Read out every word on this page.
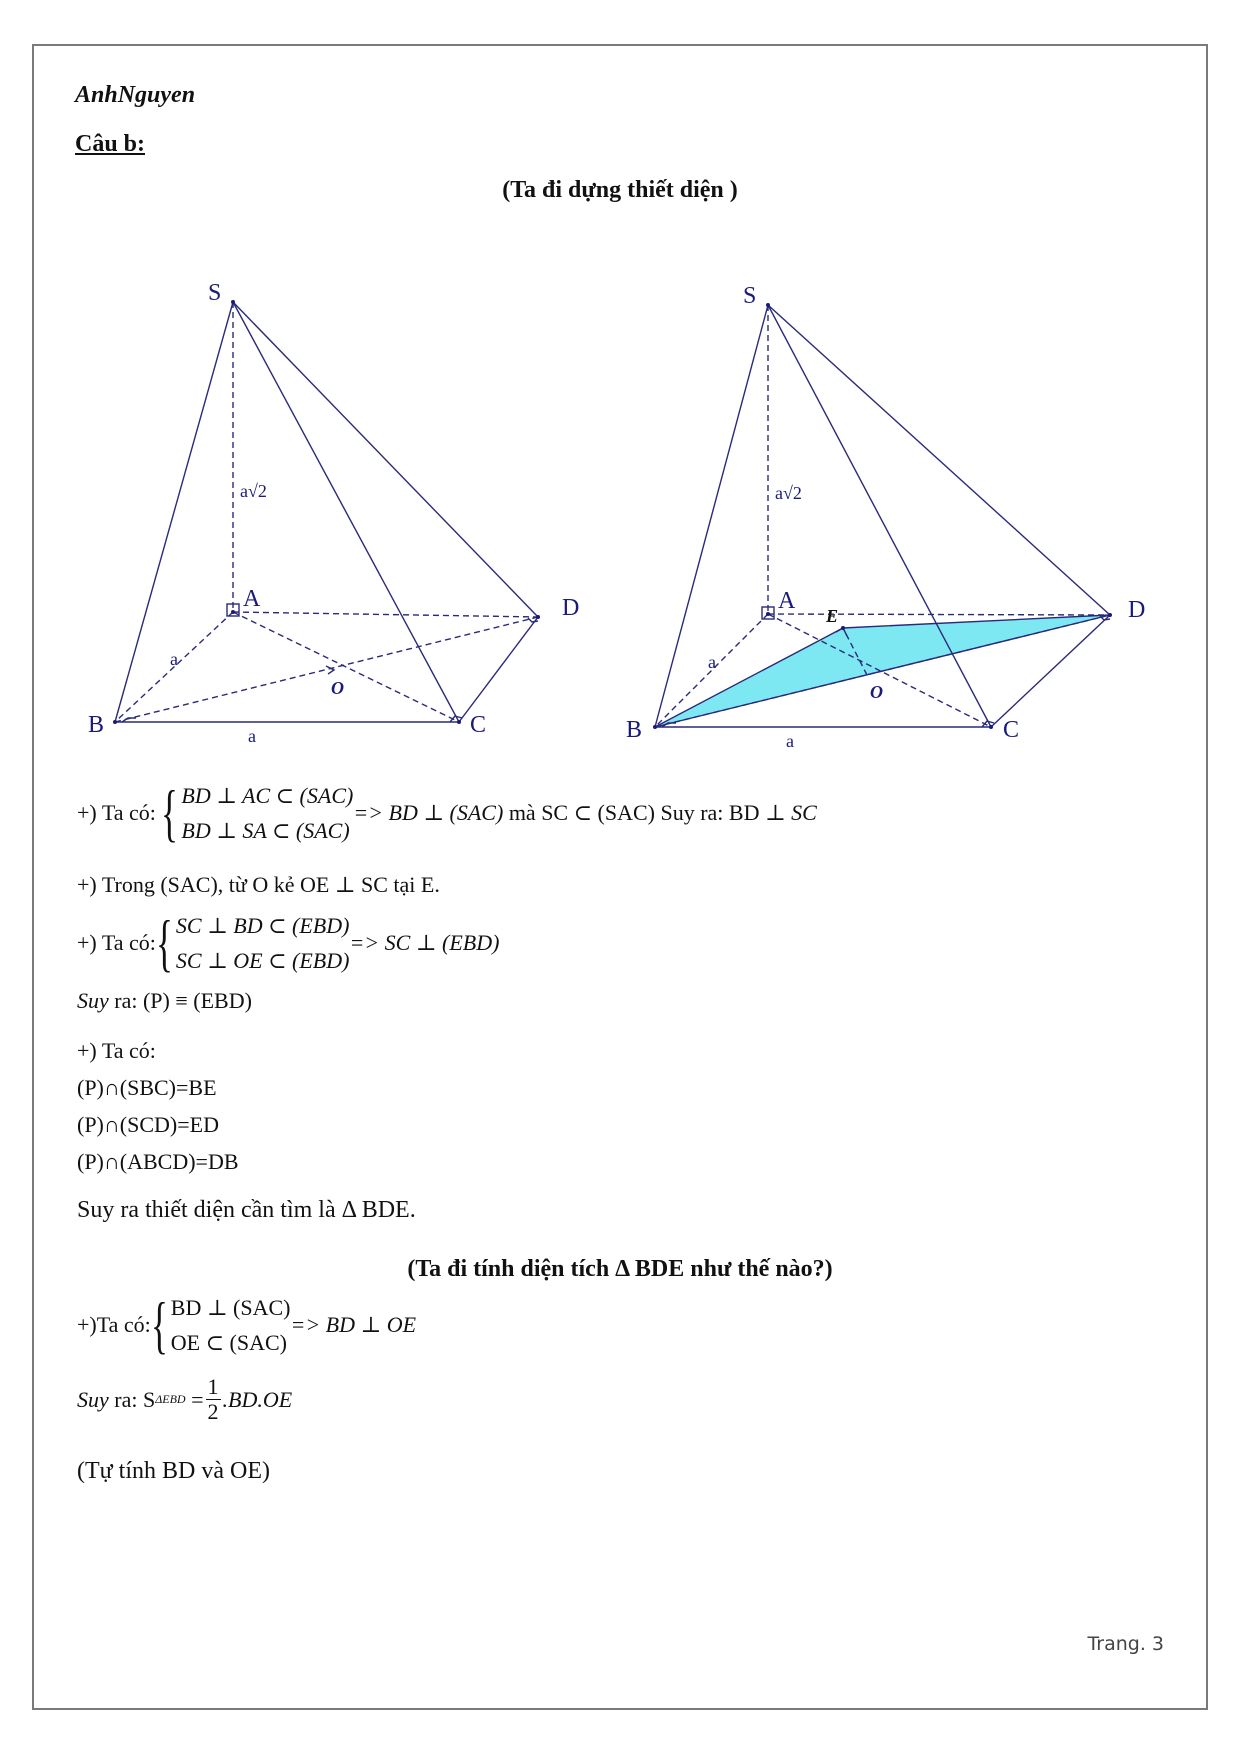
AnhNguyen
Câu b:
(Ta đi dựng thiết diện )
S
A
B	C
D
O
a
a
a√2
S
A
B	C
D
E
O
a
a
a√2
+) Ta có:
{ BD ⊥ AC ⊂ (SAC)
BD ⊥ SA ⊂ (SAC)
=> BD ⊥ (SAC)
mà SC ⊂ (SAC) Suy ra: BD ⊥
SC
+) Trong (SAC), từ O kẻ OE ⊥ SC tại E.
+) Ta có: { SC ⊥ BD ⊂ (EBD)
SC ⊥ OE ⊂ (EBD)
=> SC ⊥ (EBD)
Suy ra: (P) ≡ (EBD)
+) Ta có:
(P)∩(SBC)=BE
(P)∩(SCD)=ED
(P)∩(ABCD)=DB
Suy ra thiết diện cần tìm là Δ BDE.
(Ta đi tính diện tích Δ BDE như thế nào?)
+)Ta có: { BD ⊥ (SAC)
OE ⊂ (SAC)
=> BD ⊥ OE
Suy
ra: S ΔEBD
= $\frac{1}{2} .BD.OE$
(Tự tính BD và OE)
Trang. 3
